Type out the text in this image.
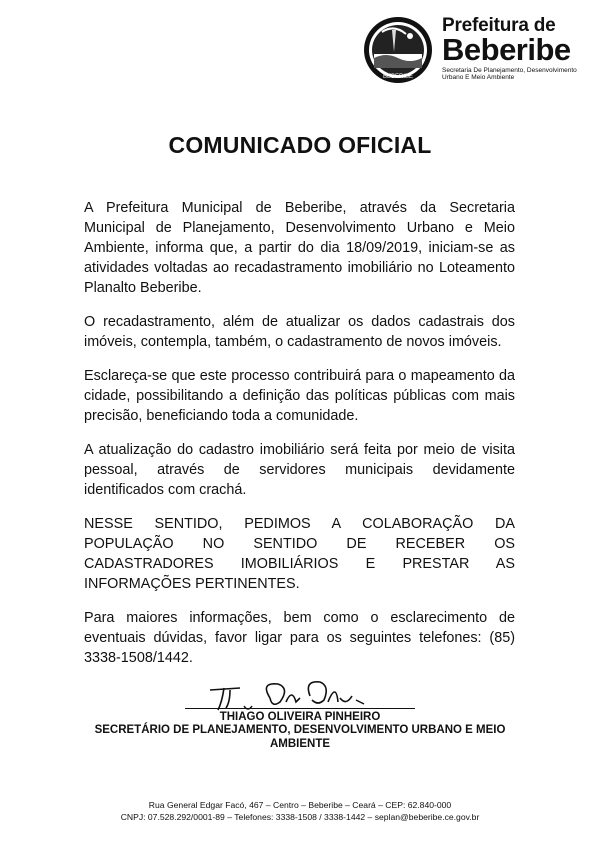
BEBERIBE
Prefeitura de
Beberibe
Secretaria De Planejamento, Desenvolvimento
Urbano E Meio Ambiente
COMUNICADO OFICIAL

A Prefeitura Municipal de Beberibe, através da Secretaria Municipal de Planejamento, Desenvolvimento Urbano e Meio Ambiente, informa que, a partir do dia 18/09/2019, iniciam-se as atividades voltadas ao recadastramento imobiliário no Loteamento Planalto Beberibe.

O recadastramento, além de atualizar os dados cadastrais dos imóveis, contempla, também, o cadastramento de novos imóveis.

Esclareça-se que este processo contribuirá para o mapeamento da cidade, possibilitando a definição das políticas públicas com mais precisão, beneficiando toda a comunidade.

A atualização do cadastro imobiliário será feita por meio de visita pessoal, através de servidores municipais devidamente identificados com crachá.

NESSE SENTIDO, PEDIMOS A COLABORAÇÃO DA POPULAÇÃO NO SENTIDO DE RECEBER OS CADASTRADORES IMOBILIÁRIOS E PRESTAR AS INFORMAÇÕES PERTINENTES.

Para maiores informações, bem como o esclarecimento de eventuais dúvidas, favor ligar para os seguintes telefones: (85) 3338-1508/1442.

THIAGO OLIVEIRA PINHEIRO
SECRETÁRIO DE PLANEJAMENTO, DESENVOLVIMENTO URBANO E MEIO AMBIENTE
Rua General Edgar Facó, 467 – Centro – Beberibe – Ceará – CEP: 62.840-000
CNPJ: 07.528.292/0001-89 – Telefones: 3338-1508 / 3338-1442 – seplan@beberibe.ce.gov.br
